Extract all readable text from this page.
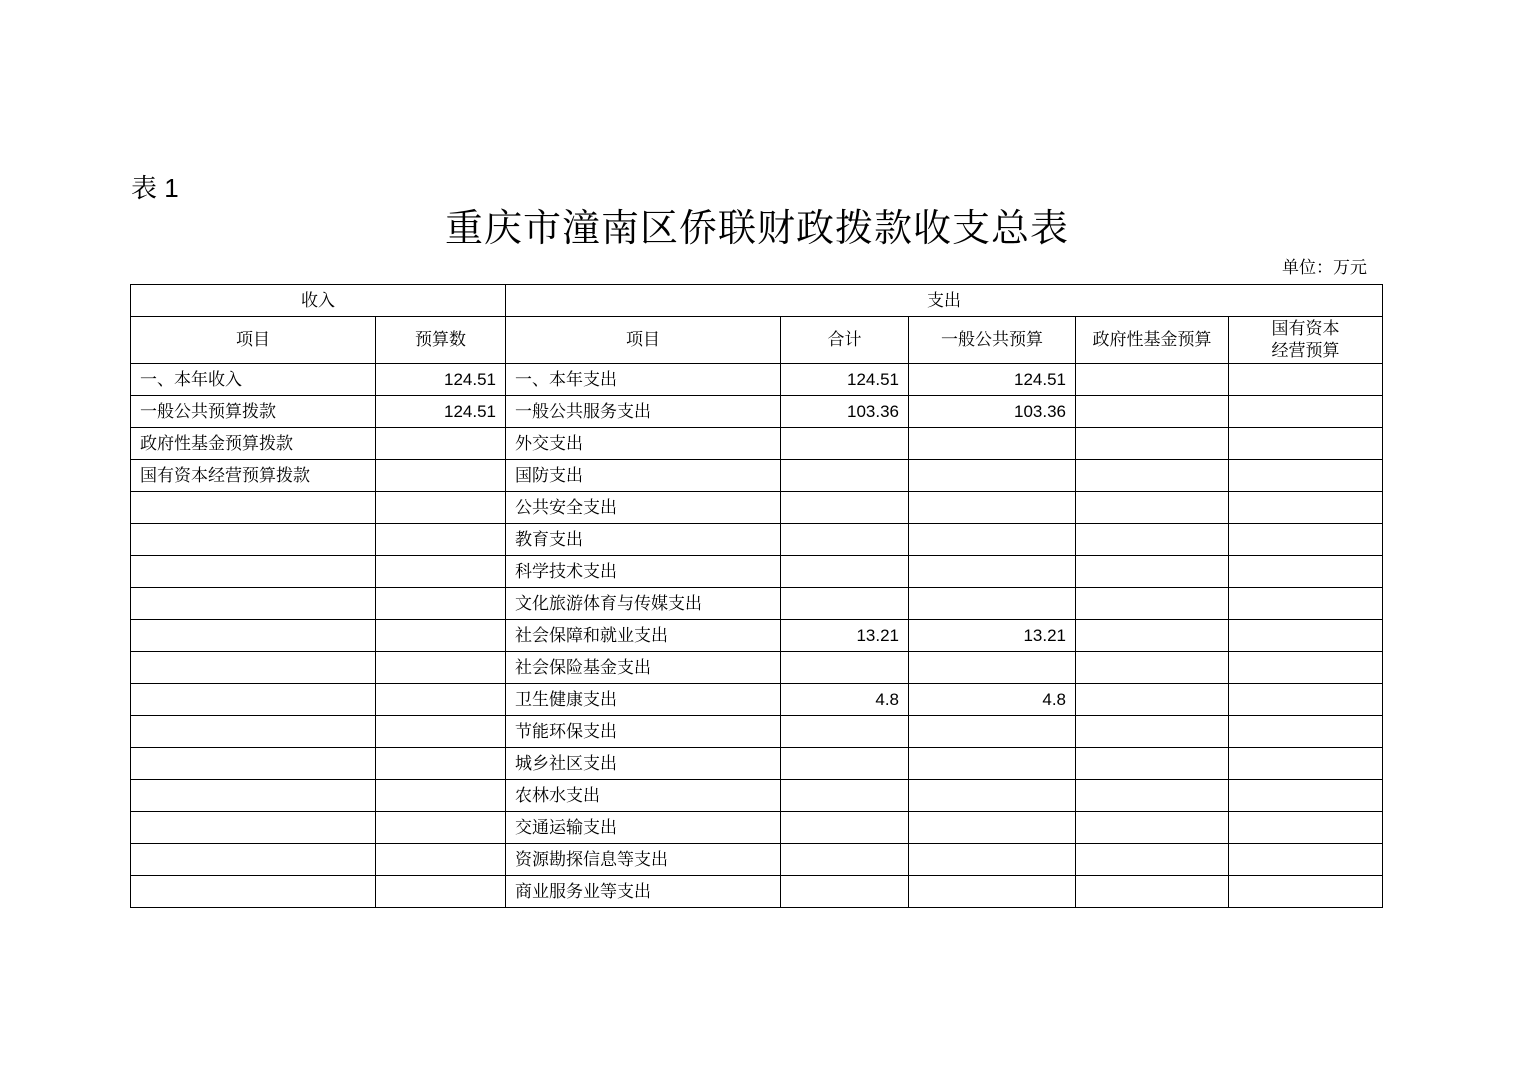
表 1
重庆市潼南区侨联财政拨款收支总表
单位：万元
收入		支出				
项目	预算数	项目	合计	一般公共预算	政府性基金预算	国有资本
经营预算
一、本年收入	124.51	一、本年支出	124.51	124.51		
一般公共预算拨款	124.51	一般公共服务支出	103.36	103.36		
政府性基金预算拨款		外交支出				
国有资本经营预算拨款		国防支出				
		公共安全支出				
		教育支出				
		科学技术支出				
		文化旅游体育与传媒支出				
		社会保障和就业支出	13.21	13.21		
		社会保险基金支出				
		卫生健康支出	4.8	4.8		
		节能环保支出				
		城乡社区支出				
		农林水支出				
		交通运输支出				
		资源勘探信息等支出				
		商业服务业等支出				
